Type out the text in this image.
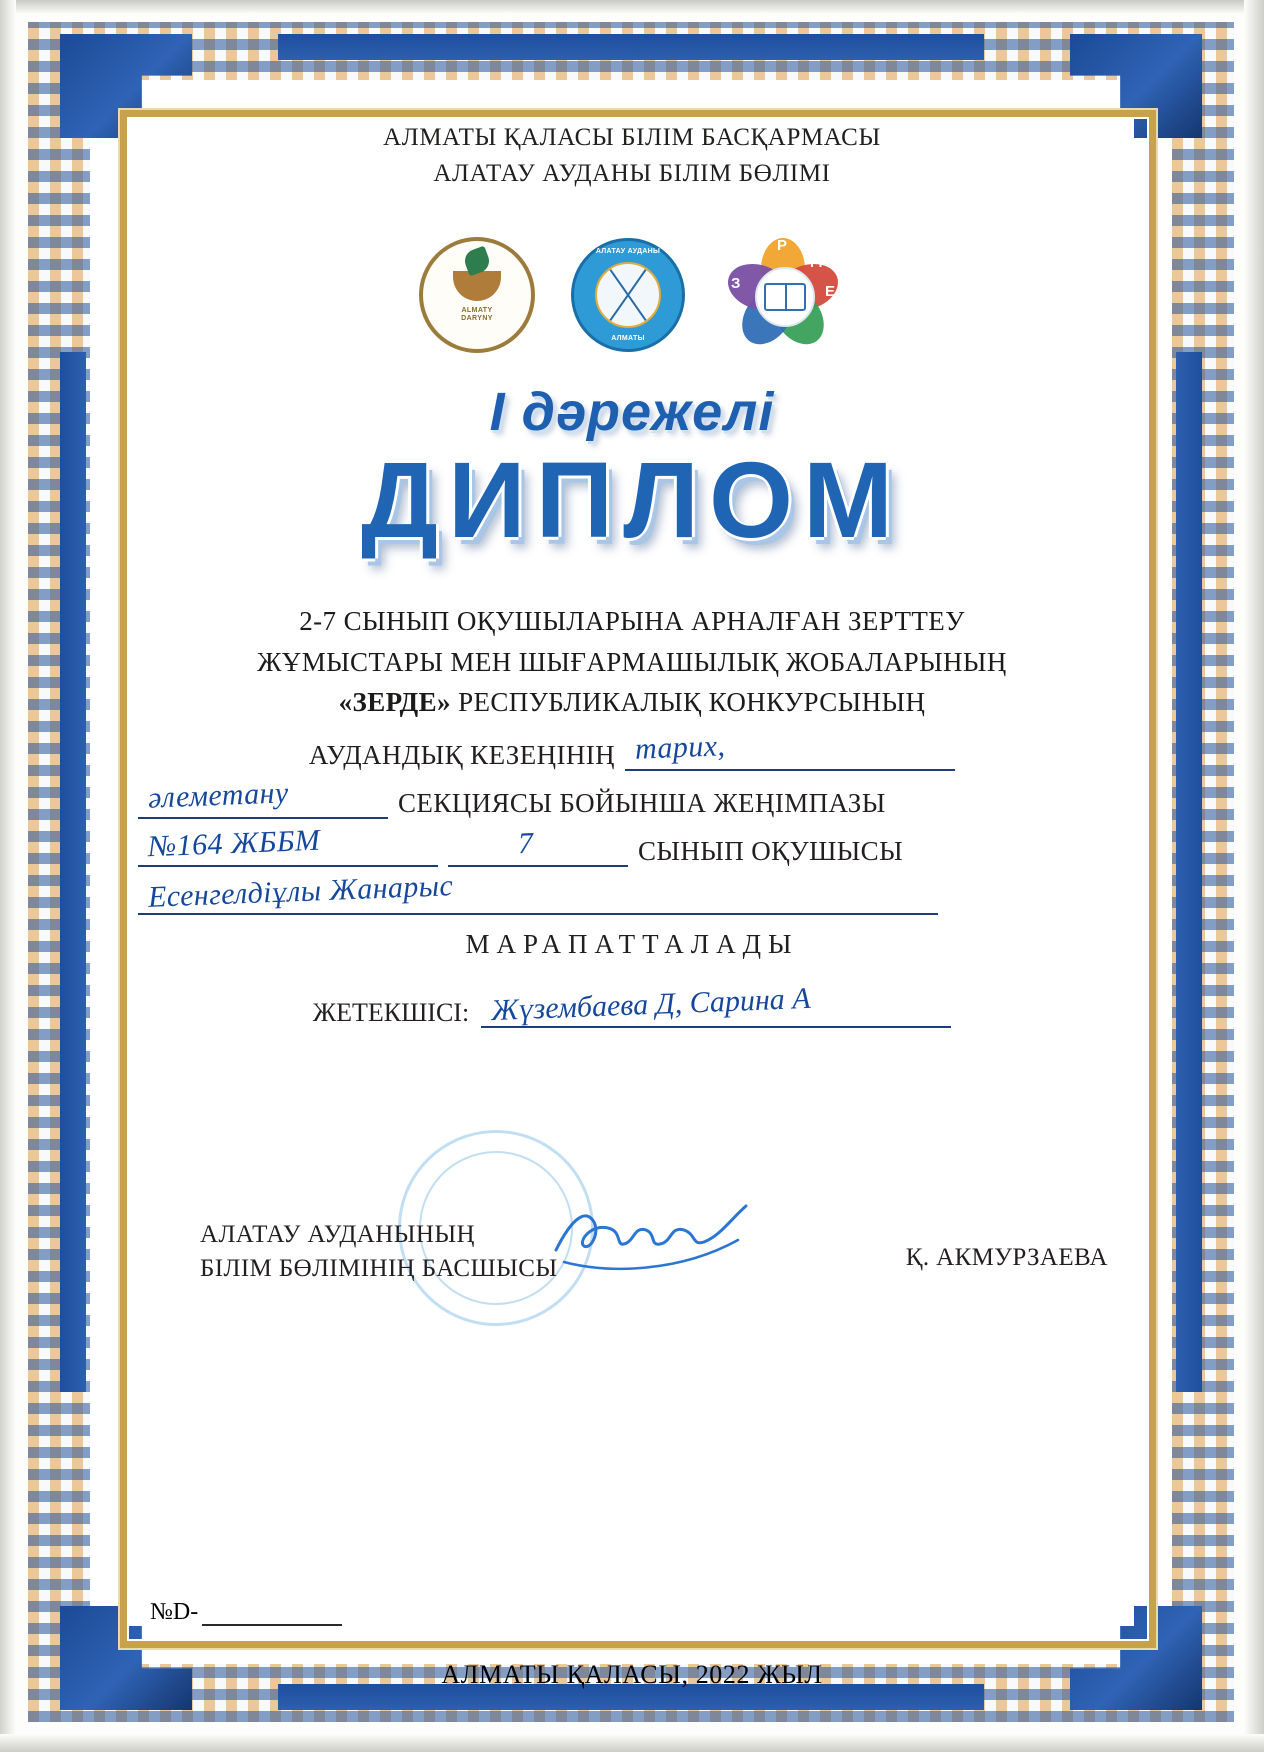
АЛМАТЫ ҚАЛАСЫ БІЛІМ БАСҚАРМАСЫ
АЛАТАУ АУДАНЫ БІЛІМ БӨЛІМІ
ALMATY
DARYNY
АЛАТАУ АУДАНЫ
АЛМАТЫ
З
Е Р
Д
Е
I дәрежелі
ДИПЛОМ
2-7 СЫНЫП ОҚУШЫЛАРЫНА АРНАЛҒАН ЗЕРТТЕУ
ЖҰМЫСТАРЫ МЕН ШЫҒАРМАШЫЛЫҚ ЖОБАЛАРЫНЫҢ
«ЗЕРДЕ» РЕСПУБЛИКАЛЫҚ КОНКУРСЫНЫҢ
АУДАНДЫҚ КЕЗЕҢІНІҢ тарих,
әлеметану	СЕКЦИЯСЫ БОЙЫНША ЖЕҢІМПАЗЫ
№164 ЖББМ	7	СЫНЫП ОҚУШЫСЫ
Есенгелдіұлы Жанарыс
МАРАПАТТАЛАДЫ
ЖЕТЕКШІСІ: Жүзембаева Д, Сарина А
АЛАТАУ АУДАНЫНЫҢ
БІЛІМ БӨЛІМІНІҢ БАСШЫСЫ	Қ. АКМУРЗАЕВА
№D-
АЛМАТЫ ҚАЛАСЫ, 2022 ЖЫЛ
